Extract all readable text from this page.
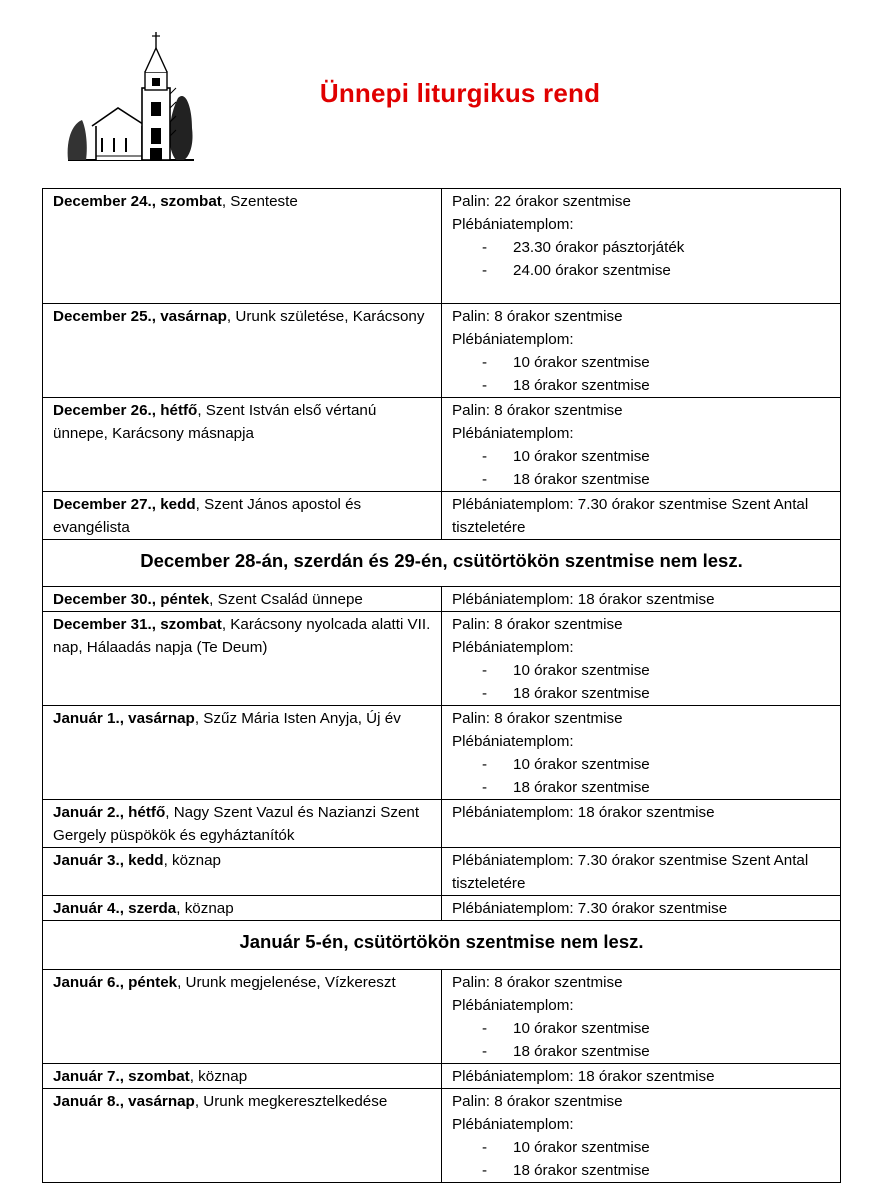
Ünnepi liturgikus rend
December 24., szombat, Szenteste	Palin: 22 órakor szentmise
Plébániatemplom:
- 23.30 órakor pásztorjáték
- 24.00 órakor szentmise

December 25., vasárnap, Urunk születése, Karácsony	Palin: 8 órakor szentmise
Plébániatemplom:
- 10 órakor szentmise
- 18 órakor szentmise

December 26., hétfő, Szent István első vértanú ünnepe, Karácsony másnapja	Palin: 8 órakor szentmise
Plébániatemplom:
- 10 órakor szentmise
- 18 órakor szentmise

December 27., kedd, Szent János apostol és evangélista	Plébániatemplom: 7.30 órakor szentmise Szent Antal tiszteletére

December 28-án, szerdán és 29-én, csütörtökön szentmise nem lesz.	
December 30., péntek, Szent Család ünnepe	Plébániatemplom: 18 órakor szentmise

December 31., szombat, Karácsony nyolcada alatti VII. nap, Hálaadás napja (Te Deum)	Palin: 8 órakor szentmise
Plébániatemplom:
- 10 órakor szentmise
- 18 órakor szentmise

Január 1., vasárnap, Szűz Mária Isten Anyja, Új év	Palin: 8 órakor szentmise
Plébániatemplom:
- 10 órakor szentmise
- 18 órakor szentmise

Január 2., hétfő, Nagy Szent Vazul és Nazianzi Szent Gergely püspökök és egyháztanítók	Plébániatemplom: 18 órakor szentmise

Január 3., kedd, köznap	Plébániatemplom: 7.30 órakor szentmise Szent Antal tiszteletére

Január 4., szerda, köznap	Plébániatemplom: 7.30 órakor szentmise

Január 5-én, csütörtökön szentmise nem lesz.	
Január 6., péntek, Urunk megjelenése, Vízkereszt	Palin: 8 órakor szentmise
Plébániatemplom:
- 10 órakor szentmise
- 18 órakor szentmise

Január 7., szombat, köznap	Plébániatemplom: 18 órakor szentmise

Január 8., vasárnap, Urunk megkeresztelkedése	Palin: 8 órakor szentmise
Plébániatemplom:
- 10 órakor szentmise
- 18 órakor szentmise
